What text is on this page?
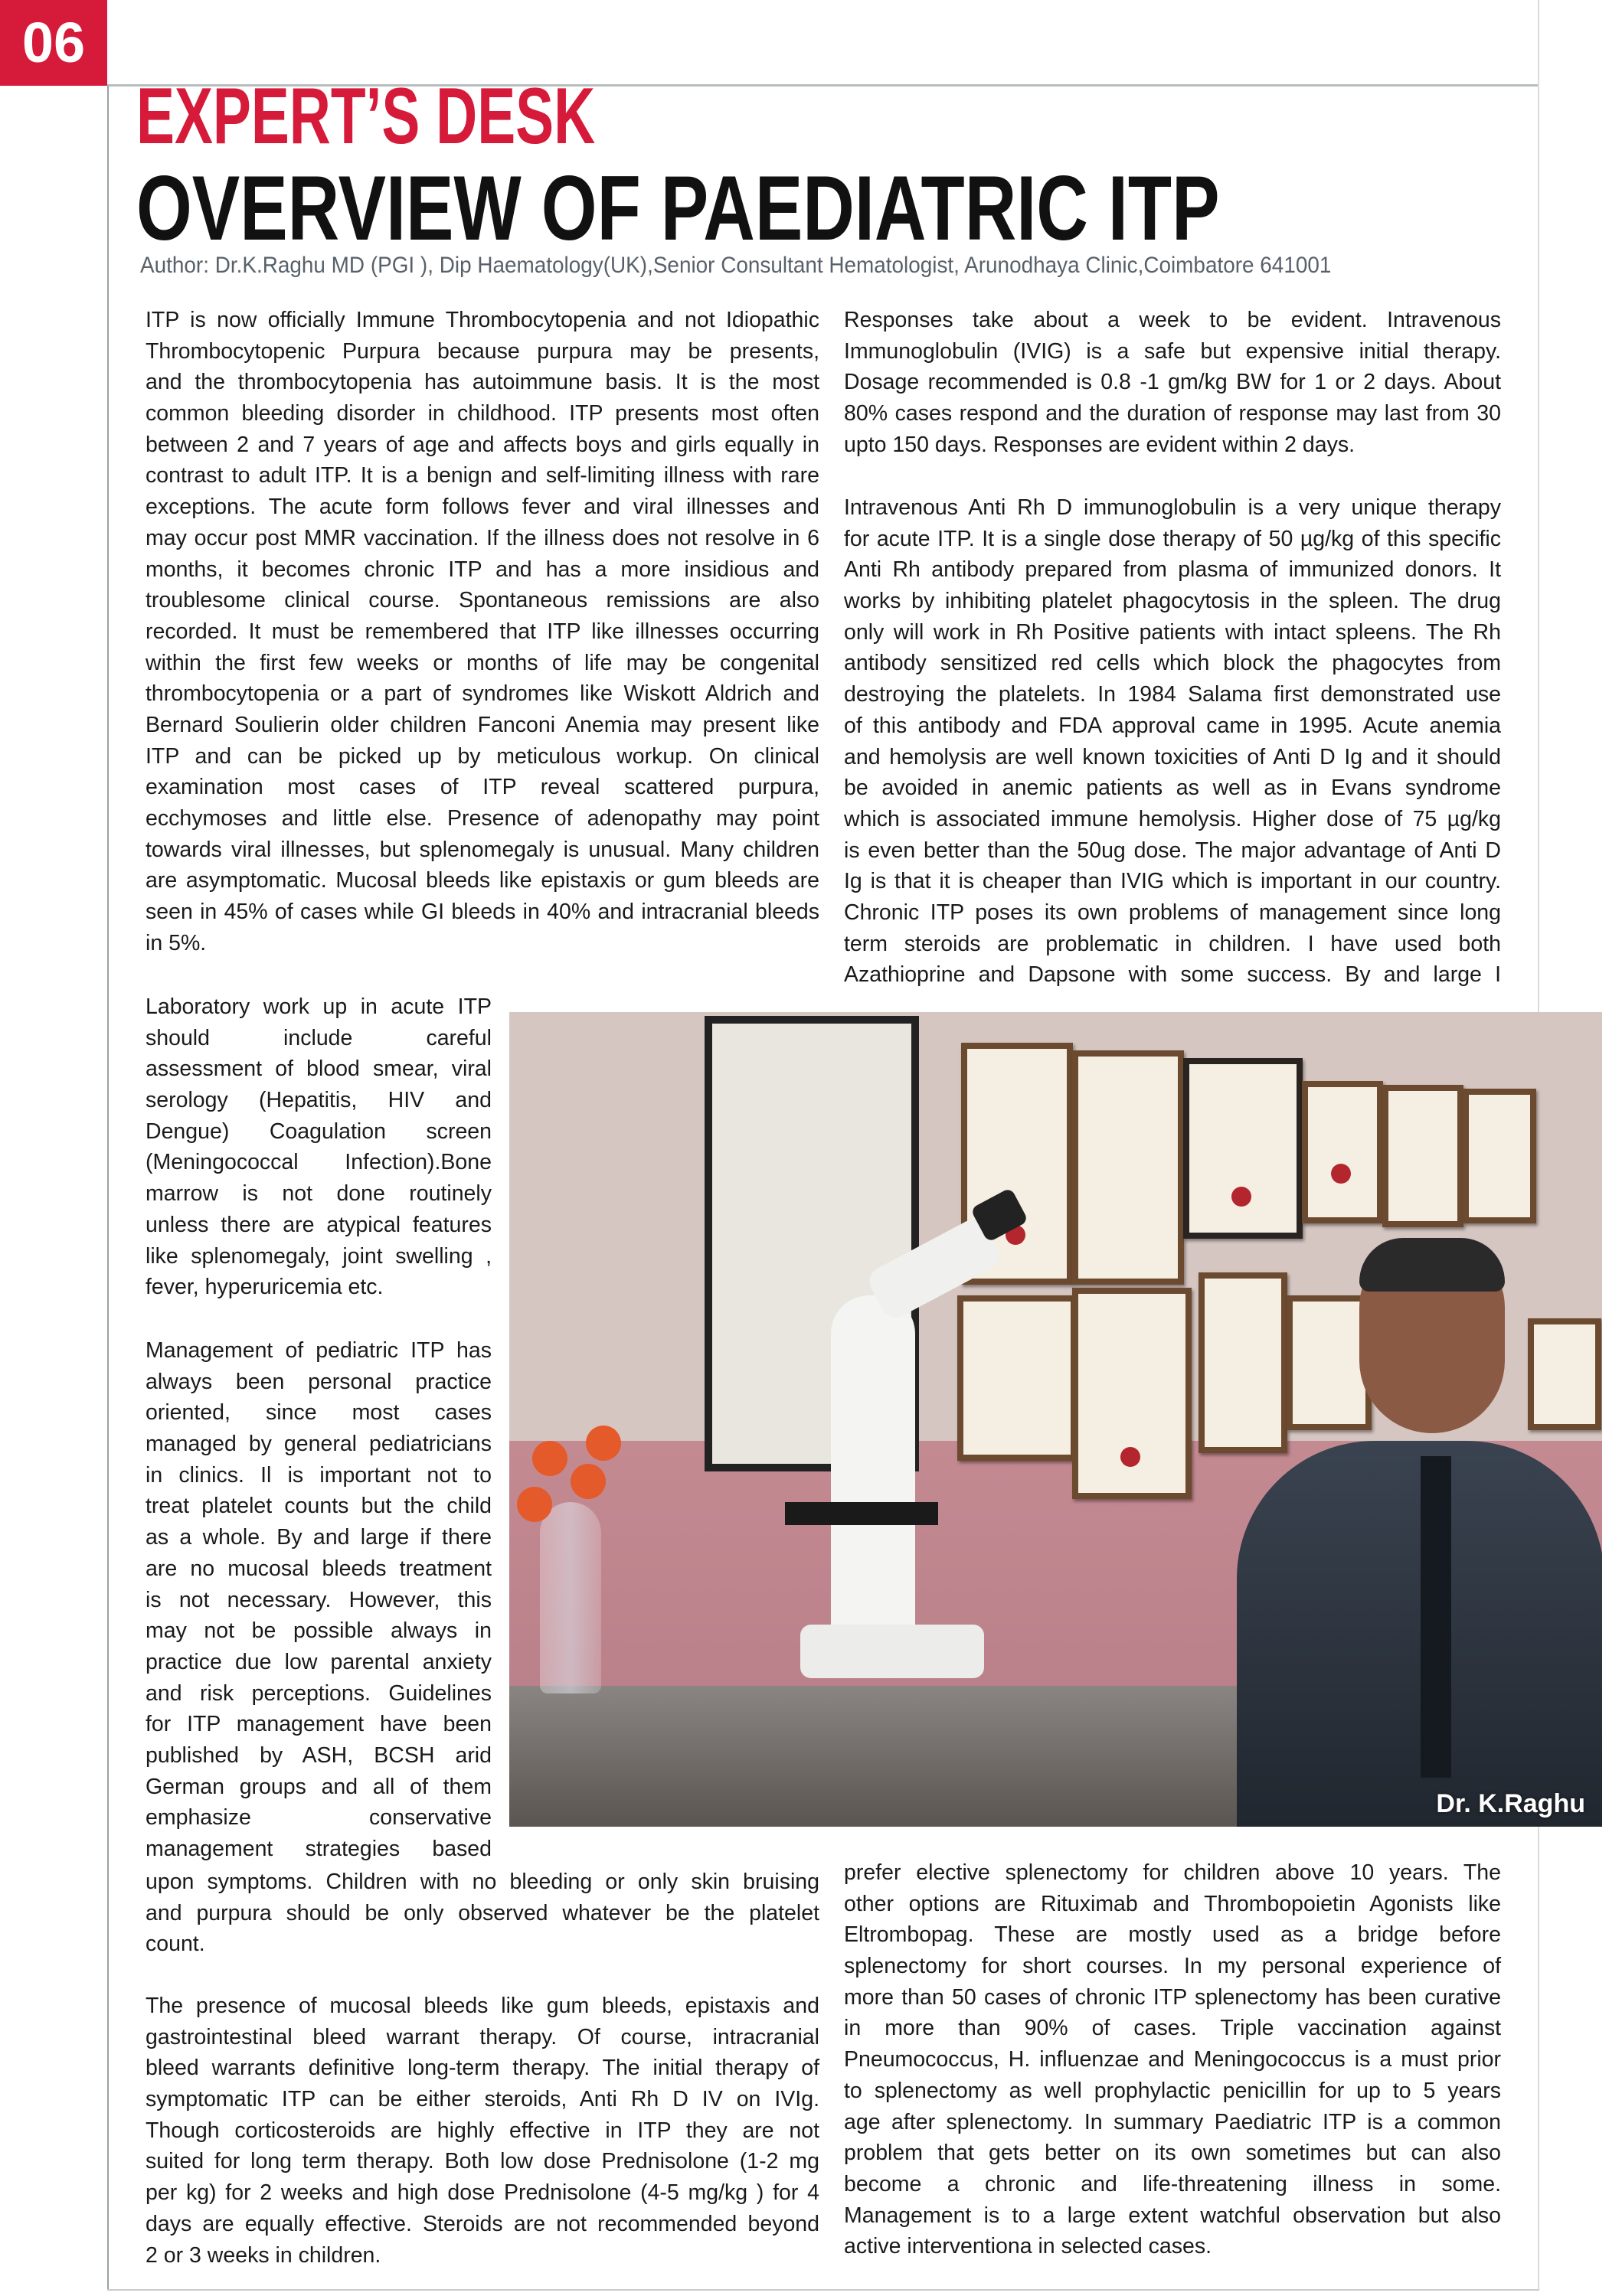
06
EXPERT’S DESK
OVERVIEW OF PAEDIATRIC ITP
Author: Dr.K.Raghu MD (PGI ), Dip Haematology(UK),Senior Consultant Hematologist, Arunodhaya Clinic,Coimbatore 641001
ITP is now officially Immune Thrombocytopenia and not Idiopathic
Thrombocytopenic Purpura because purpura may be presents,
and the thrombocytopenia has autoimmune basis. It is the most
common bleeding disorder in childhood. ITP presents most often
between 2 and 7 years of age and affects boys and girls equally in
contrast to adult ITP. It is a benign and self-limiting illness with rare
exceptions. The acute form follows fever and viral illnesses and
may occur post MMR vaccination. If the illness does not resolve in 6
months, it becomes chronic ITP and has a more insidious and
troublesome clinical course. Spontaneous remissions are also
recorded. It must be remembered that ITP like illnesses occurring
within the first few weeks or months of life may be congenital
thrombocytopenia or a part of syndromes like Wiskott Aldrich and
Bernard Soulierin older children Fanconi Anemia may present like
ITP and can be picked up by meticulous workup. On clinical
examination most cases of ITP reveal scattered purpura,
ecchymoses and little else. Presence of adenopathy may point
towards viral illnesses, but splenomegaly is unusual. Many children
are asymptomatic. Mucosal bleeds like epistaxis or gum bleeds are
seen in 45% of cases while GI bleeds in 40% and intracranial bleeds
in 5%.
Laboratory work up in acute ITP
should include careful
assessment of blood smear, viral
serology (Hepatitis, HIV and
Dengue) Coagulation screen
(Meningococcal Infection).Bone
marrow is not done routinely
unless there are atypical features
like splenomegaly, joint swelling ,
fever, hyperuricemia etc.
Management of pediatric ITP has
always been personal practice
oriented, since most cases
managed by general pediatricians
in clinics. Il is important not to
treat platelet counts but the child
as a whole. By and large if there
are no mucosal bleeds treatment
is not necessary. However, this
may not be possible always in
practice due low parental anxiety
and risk perceptions. Guidelines
for ITP management have been
published by ASH, BCSH arid
German groups and all of them
emphasize conservative
management strategies based
upon symptoms. Children with no bleeding or only skin bruising
and purpura should be only observed whatever be the platelet
count.
The presence of mucosal bleeds like gum bleeds, epistaxis and
gastrointestinal bleed warrant therapy. Of course, intracranial
bleed warrants definitive long-term therapy. The initial therapy of
symptomatic ITP can be either steroids, Anti Rh D IV on IVIg.
Though corticosteroids are highly effective in ITP they are not
suited for long term therapy. Both low dose Prednisolone (1-2 mg
per kg) for 2 weeks and high dose Prednisolone (4-5 mg/kg ) for 4
days are equally effective. Steroids are not recommended beyond
2 or 3 weeks in children.
Responses take about a week to be evident. Intravenous
Immunoglobulin (IVIG) is a safe but expensive initial therapy.
Dosage recommended is 0.8 -1 gm/kg BW for 1 or 2 days. About
80% cases respond and the duration of response may last from 30
upto 150 days. Responses are evident within 2 days.
Intravenous Anti Rh D immunoglobulin is a very unique therapy
for acute ITP. It is a single dose therapy of 50 µg/kg of this specific
Anti Rh antibody prepared from plasma of immunized donors. It
works by inhibiting platelet phagocytosis in the spleen. The drug
only will work in Rh Positive patients with intact spleens. The Rh
antibody sensitized red cells which block the phagocytes from
destroying the platelets. In 1984 Salama first demonstrated use
of this antibody and FDA approval came in 1995. Acute anemia
and hemolysis are well known toxicities of Anti D Ig and it should
be avoided in anemic patients as well as in Evans syndrome
which is associated immune hemolysis. Higher dose of 75 µg/kg
is even better than the 50ug dose. The major advantage of Anti D
Ig is that it is cheaper than IVIG which is important in our country.
Chronic ITP poses its own problems of management since long
term steroids are problematic in children. I have used both
Azathioprine and Dapsone with some success. By and large I
prefer elective splenectomy for children above 10 years. The
other options are Rituximab and Thrombopoietin Agonists like
Eltrombopag. These are mostly used as a bridge before
splenectomy for short courses. In my personal experience of
more than 50 cases of chronic ITP splenectomy has been curative
in more than 90% of cases. Triple vaccination against
Pneumococcus, H. influenzae and Meningococcus is a must prior
to splenectomy as well prophylactic penicillin for up to 5 years
age after splenectomy. In summary Paediatric ITP is a common
problem that gets better on its own sometimes but can also
become a chronic and life-threatening illness in some.
Management is to a large extent watchful observation but also
active interventiona in selected cases.
Dr. K.Raghu
